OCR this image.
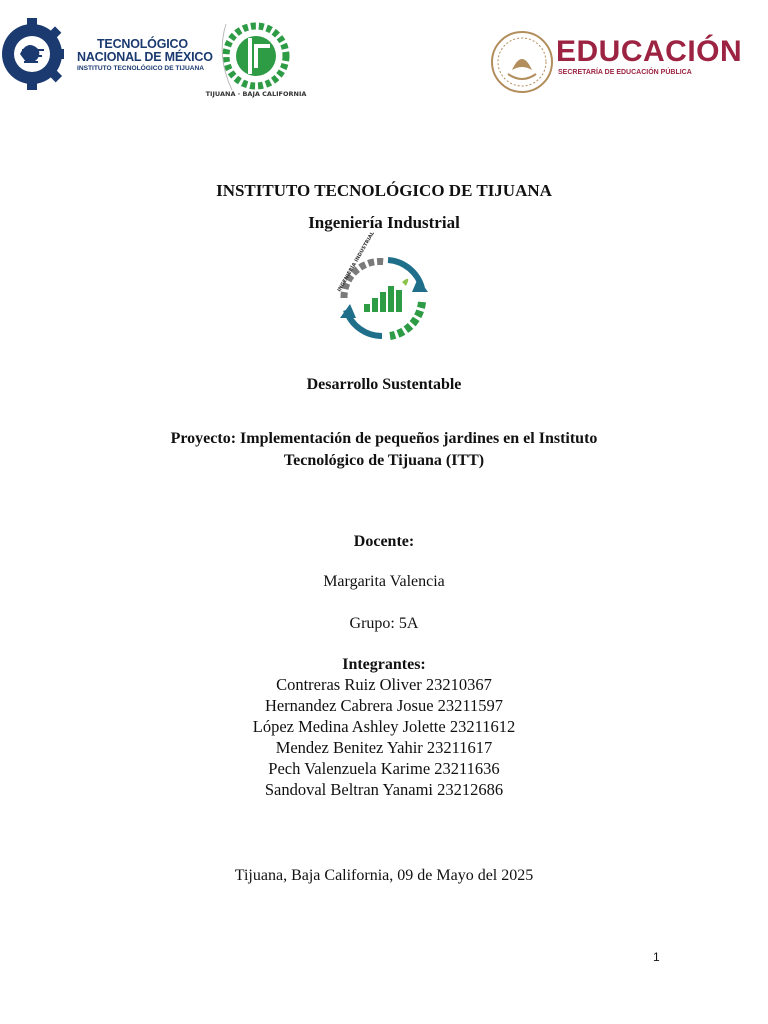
TECNOLÓGICO
NACIONAL DE MÉXICO
INSTITUTO TECNOLÓGICO DE TIJUANA
TIJUANA · BAJA CALIFORNIA
EDUCACIÓN
SECRETARÍA DE EDUCACIÓN PÚBLICA
INSTITUTO TECNOLÓGICO DE TIJUANA
Ingeniería Industrial
INGENIERÍA INDUSTRIAL
Desarrollo Sustentable
Proyecto: Implementación de pequeños jardines en el Instituto
Tecnológico de Tijuana (ITT)
Docente:
Margarita Valencia
Grupo: 5A
Integrantes:
Contreras Ruiz Oliver 23210367
Hernandez Cabrera Josue 23211597
López Medina Ashley Jolette 23211612
Mendez Benitez Yahir 23211617
Pech Valenzuela Karime 23211636
Sandoval Beltran Yanami 23212686
Tijuana, Baja California, 09 de Mayo del 2025
1
